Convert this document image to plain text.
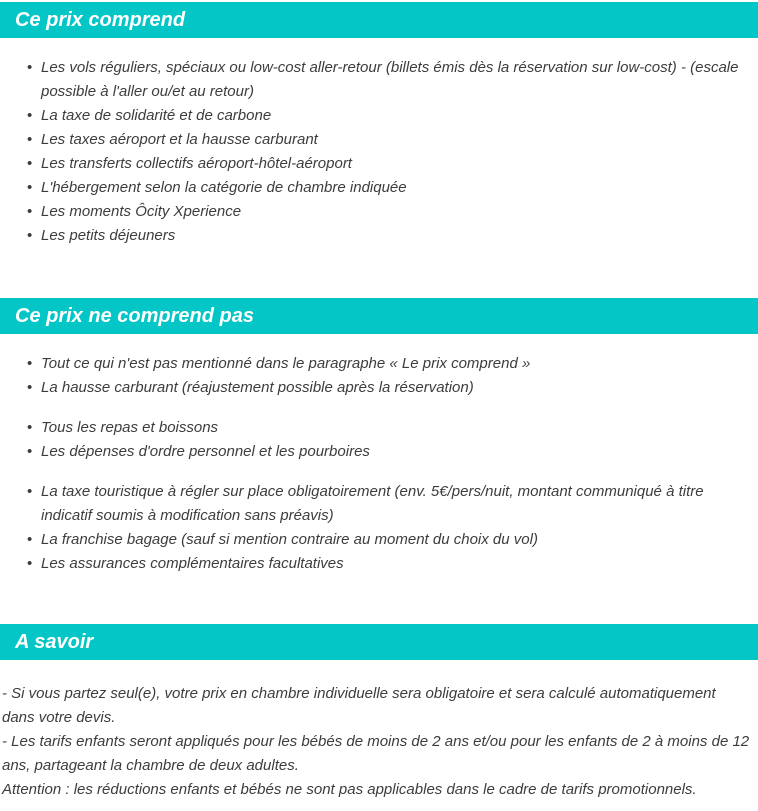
Ce prix comprend
• Les vols réguliers, spéciaux ou low-cost aller-retour (billets émis dès la réservation sur low-cost) - (escale possible à l'aller ou/et au retour)
• La taxe de solidarité et de carbone
• Les taxes aéroport et la hausse carburant
• Les transferts collectifs aéroport-hôtel-aéroport
• L'hébergement selon la catégorie de chambre indiquée
• Les moments Ôcity Xperience
• Les petits déjeuners
Ce prix ne comprend pas
• Tout ce qui n'est pas mentionné dans le paragraphe « Le prix comprend »
• La hausse carburant (réajustement possible après la réservation)
• Tous les repas et boissons
• Les dépenses d'ordre personnel et les pourboires
• La taxe touristique à régler sur place obligatoirement (env. 5€/pers/nuit, montant communiqué à titre indicatif soumis à modification sans préavis)
• La franchise bagage (sauf si mention contraire au moment du choix du vol)
• Les assurances complémentaires facultatives
A savoir

- Si vous partez seul(e), votre prix en chambre individuelle sera obligatoire et sera calculé automatiquement dans votre devis.

- Les tarifs enfants seront appliqués pour les bébés de moins de 2 ans et/ou pour les enfants de 2 à moins de 12 ans, partageant la chambre de deux adultes.

Attention : les réductions enfants et bébés ne sont pas applicables dans le cadre de tarifs promotionnels.
